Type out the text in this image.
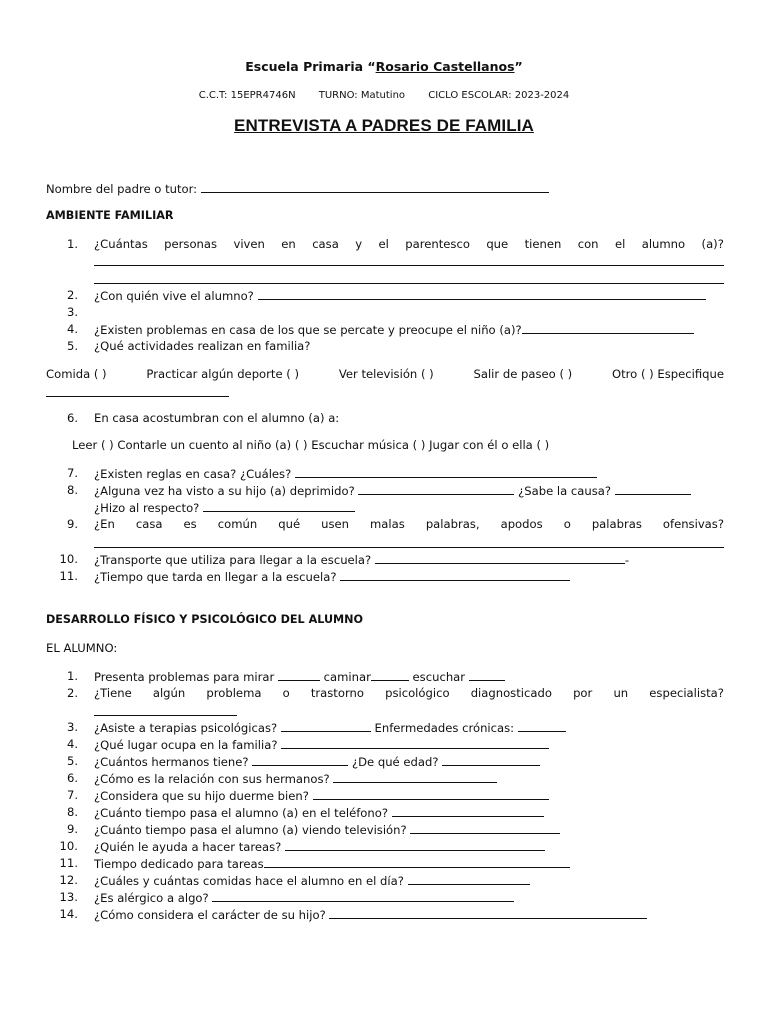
Escuela Primaria “Rosario Castellanos”
C.C.T: 15EPR4746N TURNO: Matutino CICLO ESCOLAR: 2023-2024
ENTREVISTA A PADRES DE FAMILIA
Nombre del padre o tutor:
AMBIENTE FAMILIAR
1. ¿Cuántas personas viven en casa y el parentesco que tienen con el alumno (a)?
2. ¿Con quién vive el alumno?
3.
4. ¿Existen problemas en casa de los que se percate y preocupe el niño (a)?
5. ¿Qué actividades realizan en familia?
Comida ( )	Practicar algún deporte ( )	Ver televisión ( )	Salir de paseo ( )	Otro ( ) Especifique
6. En casa acostumbran con el alumno (a) a:
Leer ( ) Contarle un cuento al niño (a) ( ) Escuchar música ( ) Jugar con él o ella ( )
7. ¿Existen reglas en casa? ¿Cuáles?
8. ¿Alguna vez ha visto a su hijo (a) deprimido?	¿Sabe la causa?
¿Hizo al respecto?
9. ¿En casa es común qué usen malas palabras, apodos o palabras ofensivas?
10. ¿Transporte que utiliza para llegar a la escuela?	-
11. ¿Tiempo que tarda en llegar a la escuela?
DESARROLLO FÍSICO Y PSICOLÓGICO DEL ALUMNO
EL ALUMNO:
1. Presenta problemas para mirar	caminar	escuchar
2. ¿Tiene algún problema o trastorno psicológico diagnosticado por un especialista?
3. ¿Asiste a terapias psicológicas?	Enfermedades crónicas:
4. ¿Qué lugar ocupa en la familia?
5. ¿Cuántos hermanos tiene?	¿De qué edad?
6. ¿Cómo es la relación con sus hermanos?
7. ¿Considera que su hijo duerme bien?
8. ¿Cuánto tiempo pasa el alumno (a) en el teléfono?
9. ¿Cuánto tiempo pasa el alumno (a) viendo televisión?
10. ¿Quién le ayuda a hacer tareas?
11. Tiempo dedicado para tareas
12. ¿Cuáles y cuántas comidas hace el alumno en el día?
13. ¿Es alérgico a algo?
14. ¿Cómo considera el carácter de su hijo?
